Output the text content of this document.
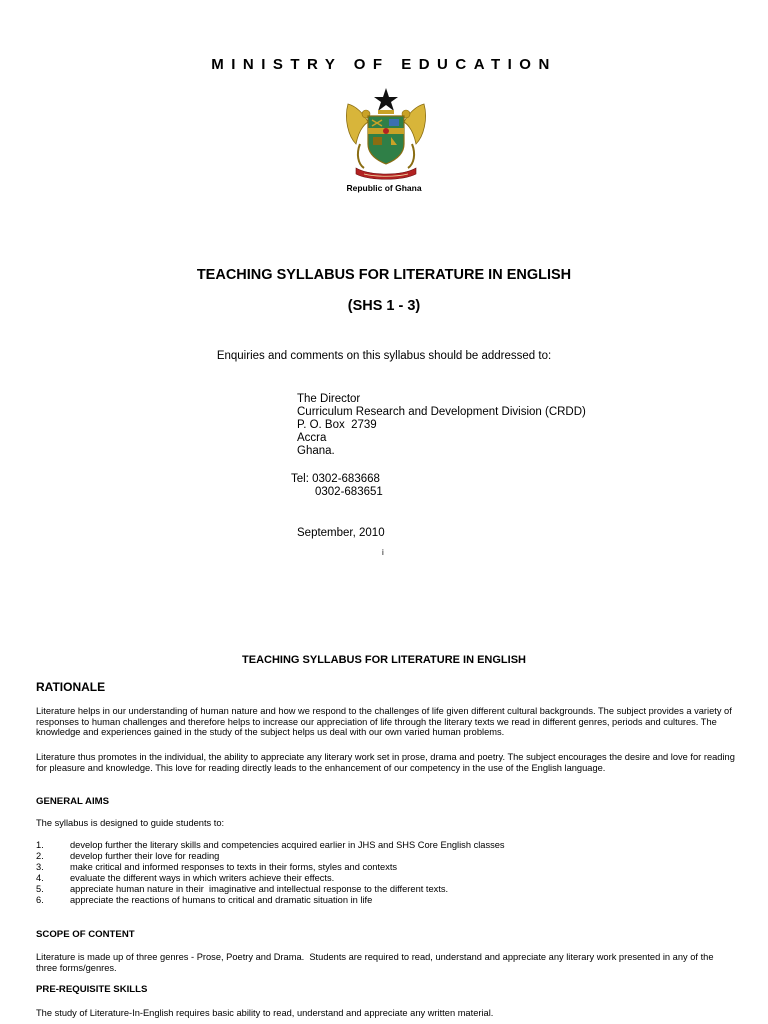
MINISTRY OF EDUCATION
Republic of Ghana
TEACHING SYLLABUS FOR LITERATURE IN ENGLISH
(SHS 1 - 3)
Enquiries and comments on this syllabus should be addressed to:
The Director
Curriculum Research and Development Division (CRDD)
P. O. Box  2739
Accra
Ghana.
Tel: 0302-683668
0302-683651
September, 2010
i
TEACHING SYLLABUS FOR LITERATURE IN ENGLISH
RATIONALE
Literature helps in our understanding of human nature and how we respond to the challenges of life given different cultural backgrounds. The subject provides a variety of responses to human challenges and therefore helps to increase our appreciation of life through the literary texts we read in different genres, periods and cultures. The knowledge and experiences gained in the study of the subject helps us deal with our own varied human problems.
Literature thus promotes in the individual, the ability to appreciate any literary work set in prose, drama and poetry. The subject encourages the desire and love for reading for pleasure and knowledge. This love for reading directly leads to the enhancement of our competency in the use of the English language.
GENERAL AIMS
The syllabus is designed to guide students to:
1.	develop further the literary skills and competencies acquired earlier in JHS and SHS Core English classes
2.	develop further their love for reading
3.	make critical and informed responses to texts in their forms, styles and contexts
4.	evaluate the different ways in which writers achieve their effects.
5.	appreciate human nature in their  imaginative and intellectual response to the different texts.
6.	appreciate the reactions of humans to critical and dramatic situation in life
SCOPE OF CONTENT
Literature is made up of three genres - Prose, Poetry and Drama.  Students are required to read, understand and appreciate any literary work presented in any of the three forms/genres.
PRE-REQUISITE SKILLS
The study of Literature-In-English requires basic ability to read, understand and appreciate any written material.
